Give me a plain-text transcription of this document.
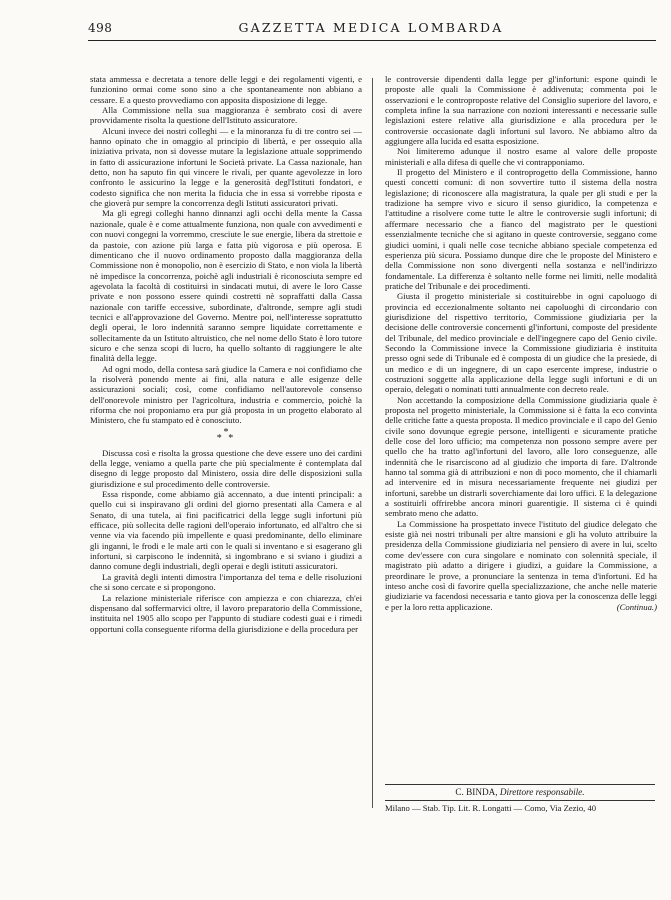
498	GAZZETTA MEDICA LOMBARDA

stata ammessa e decretata a tenore delle leggi e dei regolamenti vigenti, e funzionino ormai come sono sino a che spontaneamente non abbiano a cessare. E a questo provvediamo con apposita disposizione di legge.

Alla Commissione nella sua maggioranza è sembrato così di avere provvidamente risolta la questione dell'Istituto assicuratore.

Alcuni invece dei nostri colleghi — e la minoranza fu di tre contro sei — hanno opinato che in omaggio al principio di libertà, e per ossequio alla iniziativa privata, non si dovesse mutare la legislazione attuale sopprimendo in fatto di assicurazione infortuni le Società private. La Cassa nazionale, han detto, non ha saputo fin qui vincere le rivali, per quante agevolezze in loro confronto le assicurino la legge e la generosità degl'Istituti fondatori, e codesto significa che non merita la fiducia che in essa si vorrebbe riposta e che gioverà pur sempre la concorrenza degli Istituti assicuratori privati.

Ma gli egregi colleghi hanno dinnanzi agli occhi della mente la Cassa nazionale, quale è e come attualmente funziona, non quale con avvedimenti e con nuovi congegni la vorremmo, cresciute le sue energie, libera da strettoie e da pastoie, con azione più larga e fatta più vigorosa e più operosa. E dimenticano che il nuovo ordinamento proposto dalla maggioranza della Commissione non è monopolio, non è esercizio di Stato, e non viola la libertà nè impedisce la concorrenza, poichè agli industriali è riconosciuta sempre ed agevolata la facoltà di costituirsi in sindacati mutui, di avere le loro Casse private e non possono essere quindi costretti nè sopraffatti dalla Cassa nazionale con tariffe eccessive, subordinate, d'altronde, sempre agli studi tecnici e all'approvazione del Governo. Mentre poi, nell'interesse soprattutto degli operai, le loro indennità saranno sempre liquidate correttamente e sollecitamente da un Istituto altruistico, che nel nome dello Stato è loro tutore sicuro e che senza scopi di lucro, ha quello soltanto di raggiungere le alte finalità della legge.

Ad ogni modo, della contesa sarà giudice la Camera e noi confidiamo che la risolverà ponendo mente ai fini, alla natura e alle esigenze delle assicurazioni sociali; così, come confidiamo nell'autorevole consenso dell'onorevole ministro per l'agricoltura, industria e commercio, poichè la riforma che noi proponiamo era pur già proposta in un progetto elaborato al Ministero, che fu stampato ed è conosciuto.

*
* *

Discussa così e risolta la grossa questione che deve essere uno dei cardini della legge, veniamo a quella parte che più specialmente è contemplata dal disegno di legge proposto dal Ministero, ossia dire delle disposizioni sulla giurisdizione e sul procedimento delle controversie.

Essa risponde, come abbiamo già accennato, a due intenti principali: a quello cui si inspiravano gli ordini del giorno presentati alla Camera e al Senato, di una tutela, ai fini pacificatrici della legge sugli infortuni più efficace, più sollecita delle ragioni dell'operaio infortunato, ed all'altro che si venne via via facendo più impellente e quasi predominante, dello eliminare gli inganni, le frodi e le male arti con le quali si inventano e si esagerano gli infortuni, si carpiscono le indennità, si ingombrano e si sviano i giudizi a danno comune degli industriali, degli operai e degli istituti assicuratori.

La gravità degli intenti dimostra l'importanza del tema e delle risoluzioni che si sono cercate e si propongono.

La relazione ministeriale riferisce con ampiezza e con chiarezza, ch'ei dispensano dal soffermarvici oltre, il lavoro preparatorio della Commissione, instituita nel 1905 allo scopo per l'appunto di studiare codesti guai e i rimedi opportuni colla conseguente riforma della giurisdizione e della procedura per

le controversie dipendenti dalla legge per gl'infortuni: espone quindi le proposte alle quali la Commissione è addivenuta; commenta poi le osservazioni e le controproposte relative del Consiglio superiore del lavoro, e completa infine la sua narrazione con nozioni interessanti e necessarie sulle legislazioni estere relative alla giurisdizione e alla procedura per le controversie occasionate dagli infortuni sul lavoro. Ne abbiamo altro da aggiungere alla lucida ed esatta esposizione.

Noi limiteremo adunque il nostro esame al valore delle proposte ministeriali e alla difesa di quelle che vi contrapponiamo.

Il progetto del Ministero e il controprogetto della Commissione, hanno questi concetti comuni: di non sovvertire tutto il sistema della nostra legislazione; di riconoscere alla magistratura, la quale per gli studi e per la tradizione ha sempre vivo e sicuro il senso giuridico, la competenza e l'attitudine a risolvere come tutte le altre le controversie sugli infortuni; di affermare necessario che a fianco del magistrato per le questioni essenzialmente tecniche che si agitano in queste controversie, seggano come giudici uomini, i quali nelle cose tecniche abbiano speciale competenza ed esperienza più sicura. Possiamo dunque dire che le proposte del Ministero e della Commissione non sono divergenti nella sostanza e nell'indirizzo fondamentale. La differenza è soltanto nelle forme nei limiti, nelle modalità pratiche del Tribunale e dei procedimenti.

Giusta il progetto ministeriale si costituirebbe in ogni capoluogo di provincia ed eccezionalmente soltanto nei capoluoghi di circondario con giurisdizione del rispettivo territorio, Commissione giudiziaria per la decisione delle controversie concernenti gl'infortuni, composte del presidente del Tribunale, del medico provinciale e dell'ingegnere capo del Genio civile. Secondo la Commissione invece la Commissione giudiziaria è instituita presso ogni sede di Tribunale ed è composta di un giudice che la presiede, di un medico e di un ingegnere, di un capo esercente imprese, industrie o costruzioni soggette alla applicazione della legge sugli infortuni e di un operaio, delegati o nominati tutti annualmente con decreto reale.

Non accettando la composizione della Commissione giudiziaria quale è proposta nel progetto ministeriale, la Commissione si è fatta la eco convinta delle critiche fatte a questa proposta. Il medico provinciale e il capo del Genio civile sono dovunque egregie persone, intelligenti e sicuramente pratiche delle cose del loro ufficio; ma competenza non possono sempre avere per quello che ha tratto agl'infortuni del lavoro, alle loro conseguenze, alle indennità che le risarciscono ad al giudizio che importa di fare. D'altronde hanno tal somma già di attribuzioni e non di poco momento, che il chiamarli ad intervenire ed in misura necessariamente frequente nei giudizi per infortuni, sarebbe un distrarli soverchiamente dai loro uffici. E la delegazione a sostituirli offrirebbe ancora minori guarentigie. Il sistema ci è quindi sembrato meno che adatto.

La Commissione ha prospettato invece l'istituto del giudice delegato che esiste già nei nostri tribunali per altre mansioni e gli ha voluto attribuire la presidenza della Commissione giudiziaria nel pensiero di avere in lui, scelto come dev'essere con cura singolare e nominato con solennità speciale, il magistrato più adatto a dirigere i giudizi, a guidare la Commissione, a preordinare le prove, a pronunciare la sentenza in tema d'infortuni. Ed ha inteso anche così di favorire quella specializzazione, che anche nelle materie giudiziarie va facendosi necessaria e tanto giova per la conoscenza delle leggi e per la loro retta applicazione.	(Continua.)

C. BINDA, Direttore responsabile.
Milano — Stab. Tip. Lit. R. Longatti — Como, Via Zezio, 40
